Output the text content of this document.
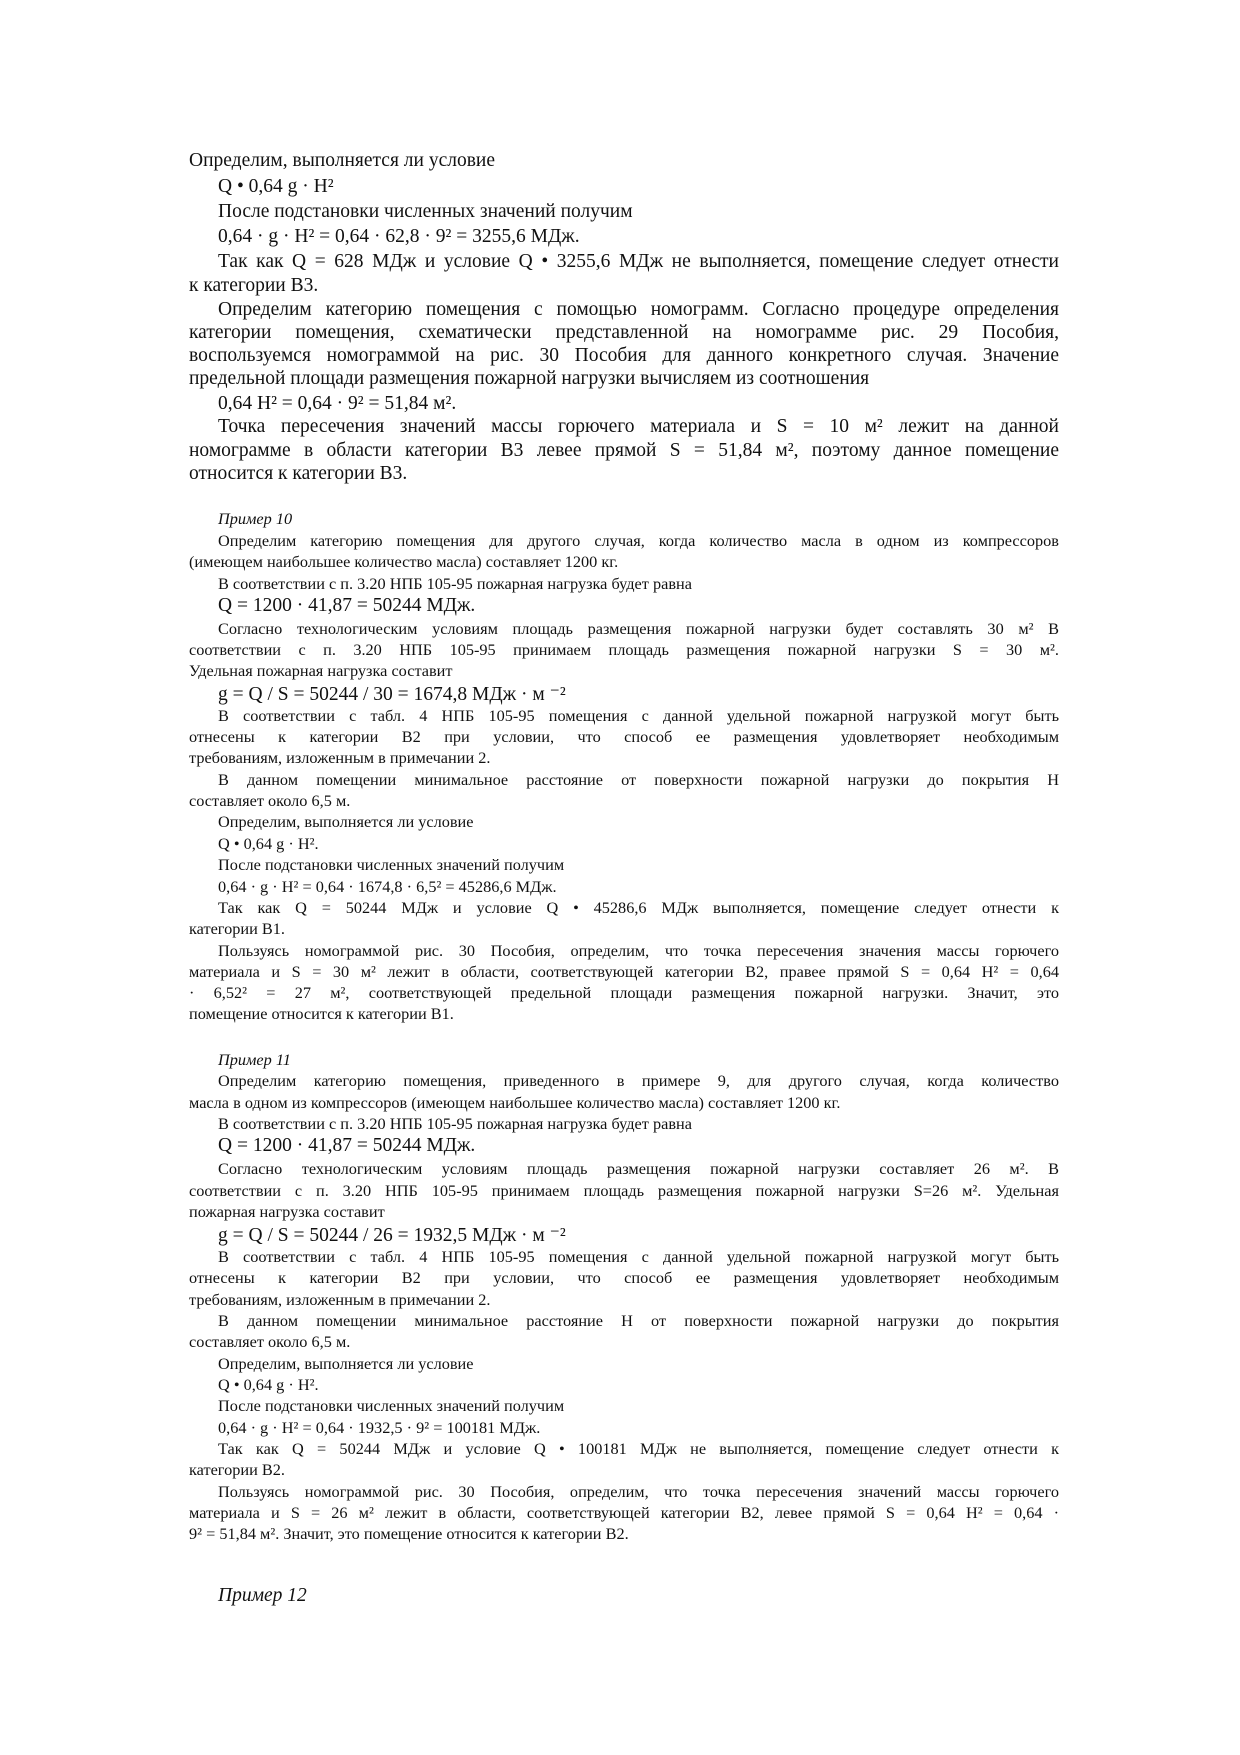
Определим, выполняется ли условие
Q • 0,64 g · H²
После подстановки численных значений получим
0,64 · g · H² = 0,64 · 62,8 · 9² = 3255,6 МДж.
Так как Q = 628 МДж и условие Q • 3255,6 МДж не выполняется, помещение следует отнести
к категории В3.
Определим категорию помещения с помощью номограмм. Согласно процедуре определения
категории помещения, схематически представленной на номограмме рис. 29 Пособия,
воспользуемся номограммой на рис. 30 Пособия для данного конкретного случая. Значение
предельной площади размещения пожарной нагрузки вычисляем из соотношения
0,64 H² = 0,64 · 9² = 51,84 м².
Точка пересечения значений массы горючего материала и S = 10 м² лежит на данной
номограмме в области категории В3 левее прямой S = 51,84 м², поэтому данное помещение
относится к категории В3.
Пример 10
Определим категорию помещения для другого случая, когда количество масла в одном из компрессоров
(имеющем наибольшее количество масла) составляет 1200 кг.
В соответствии с п. 3.20 НПБ 105-95 пожарная нагрузка будет равна
Q = 1200 · 41,87 = 50244 МДж.
Согласно технологическим условиям площадь размещения пожарной нагрузки будет составлять 30 м² В
соответствии с п. 3.20 НПБ 105-95 принимаем площадь размещения пожарной нагрузки S = 30 м².
Удельная пожарная нагрузка составит
g = Q / S = 50244 / 30 = 1674,8 МДж · м ⁻²
В соответствии с табл. 4 НПБ 105-95 помещения с данной удельной пожарной нагрузкой могут быть
отнесены к категории В2 при условии, что способ ее размещения удовлетворяет необходимым
требованиям, изложенным в примечании 2.
В данном помещении минимальное расстояние от поверхности пожарной нагрузки до покрытия H
составляет около 6,5 м.
Определим, выполняется ли условие
Q • 0,64 g · H².
После подстановки численных значений получим
0,64 · g · H² = 0,64 · 1674,8 · 6,5² = 45286,6 МДж.
Так как Q = 50244 МДж и условие Q • 45286,6 МДж выполняется, помещение следует отнести к
категории В1.
Пользуясь номограммой рис. 30 Пособия, определим, что точка пересечения значения массы горючего
материала и S = 30 м² лежит в области, соответствующей категории В2, правее прямой S = 0,64 H² = 0,64
· 6,52² = 27 м², соответствующей предельной площади размещения пожарной нагрузки. Значит, это
помещение относится к категории В1.
Пример 11
Определим категорию помещения, приведенного в примере 9, для другого случая, когда количество
масла в одном из компрессоров (имеющем наибольшее количество масла) составляет 1200 кг.
В соответствии с п. 3.20 НПБ 105-95 пожарная нагрузка будет равна
Q = 1200 · 41,87 = 50244 МДж.
Согласно технологическим условиям площадь размещения пожарной нагрузки составляет 26 м². В
соответствии с п. 3.20 НПБ 105-95 принимаем площадь размещения пожарной нагрузки S=26 м². Удельная
пожарная нагрузка составит
g = Q / S = 50244 / 26 = 1932,5 МДж · м ⁻²
В соответствии с табл. 4 НПБ 105-95 помещения с данной удельной пожарной нагрузкой могут быть
отнесены к категории В2 при условии, что способ ее размещения удовлетворяет необходимым
требованиям, изложенным в примечании 2.
В данном помещении минимальное расстояние H от поверхности пожарной нагрузки до покрытия
составляет около 6,5 м.
Определим, выполняется ли условие
Q • 0,64 g · H².
После подстановки численных значений получим
0,64 · g · H² = 0,64 · 1932,5 · 9² = 100181 МДж.
Так как Q = 50244 МДж и условие Q • 100181 МДж не выполняется, помещение следует отнести к
категории В2.
Пользуясь номограммой рис. 30 Пособия, определим, что точка пересечения значений массы горючего
материала и S = 26 м² лежит в области, соответствующей категории В2, левее прямой S = 0,64 H² = 0,64 ·
9² = 51,84 м². Значит, это помещение относится к категории В2.
Пример 12
